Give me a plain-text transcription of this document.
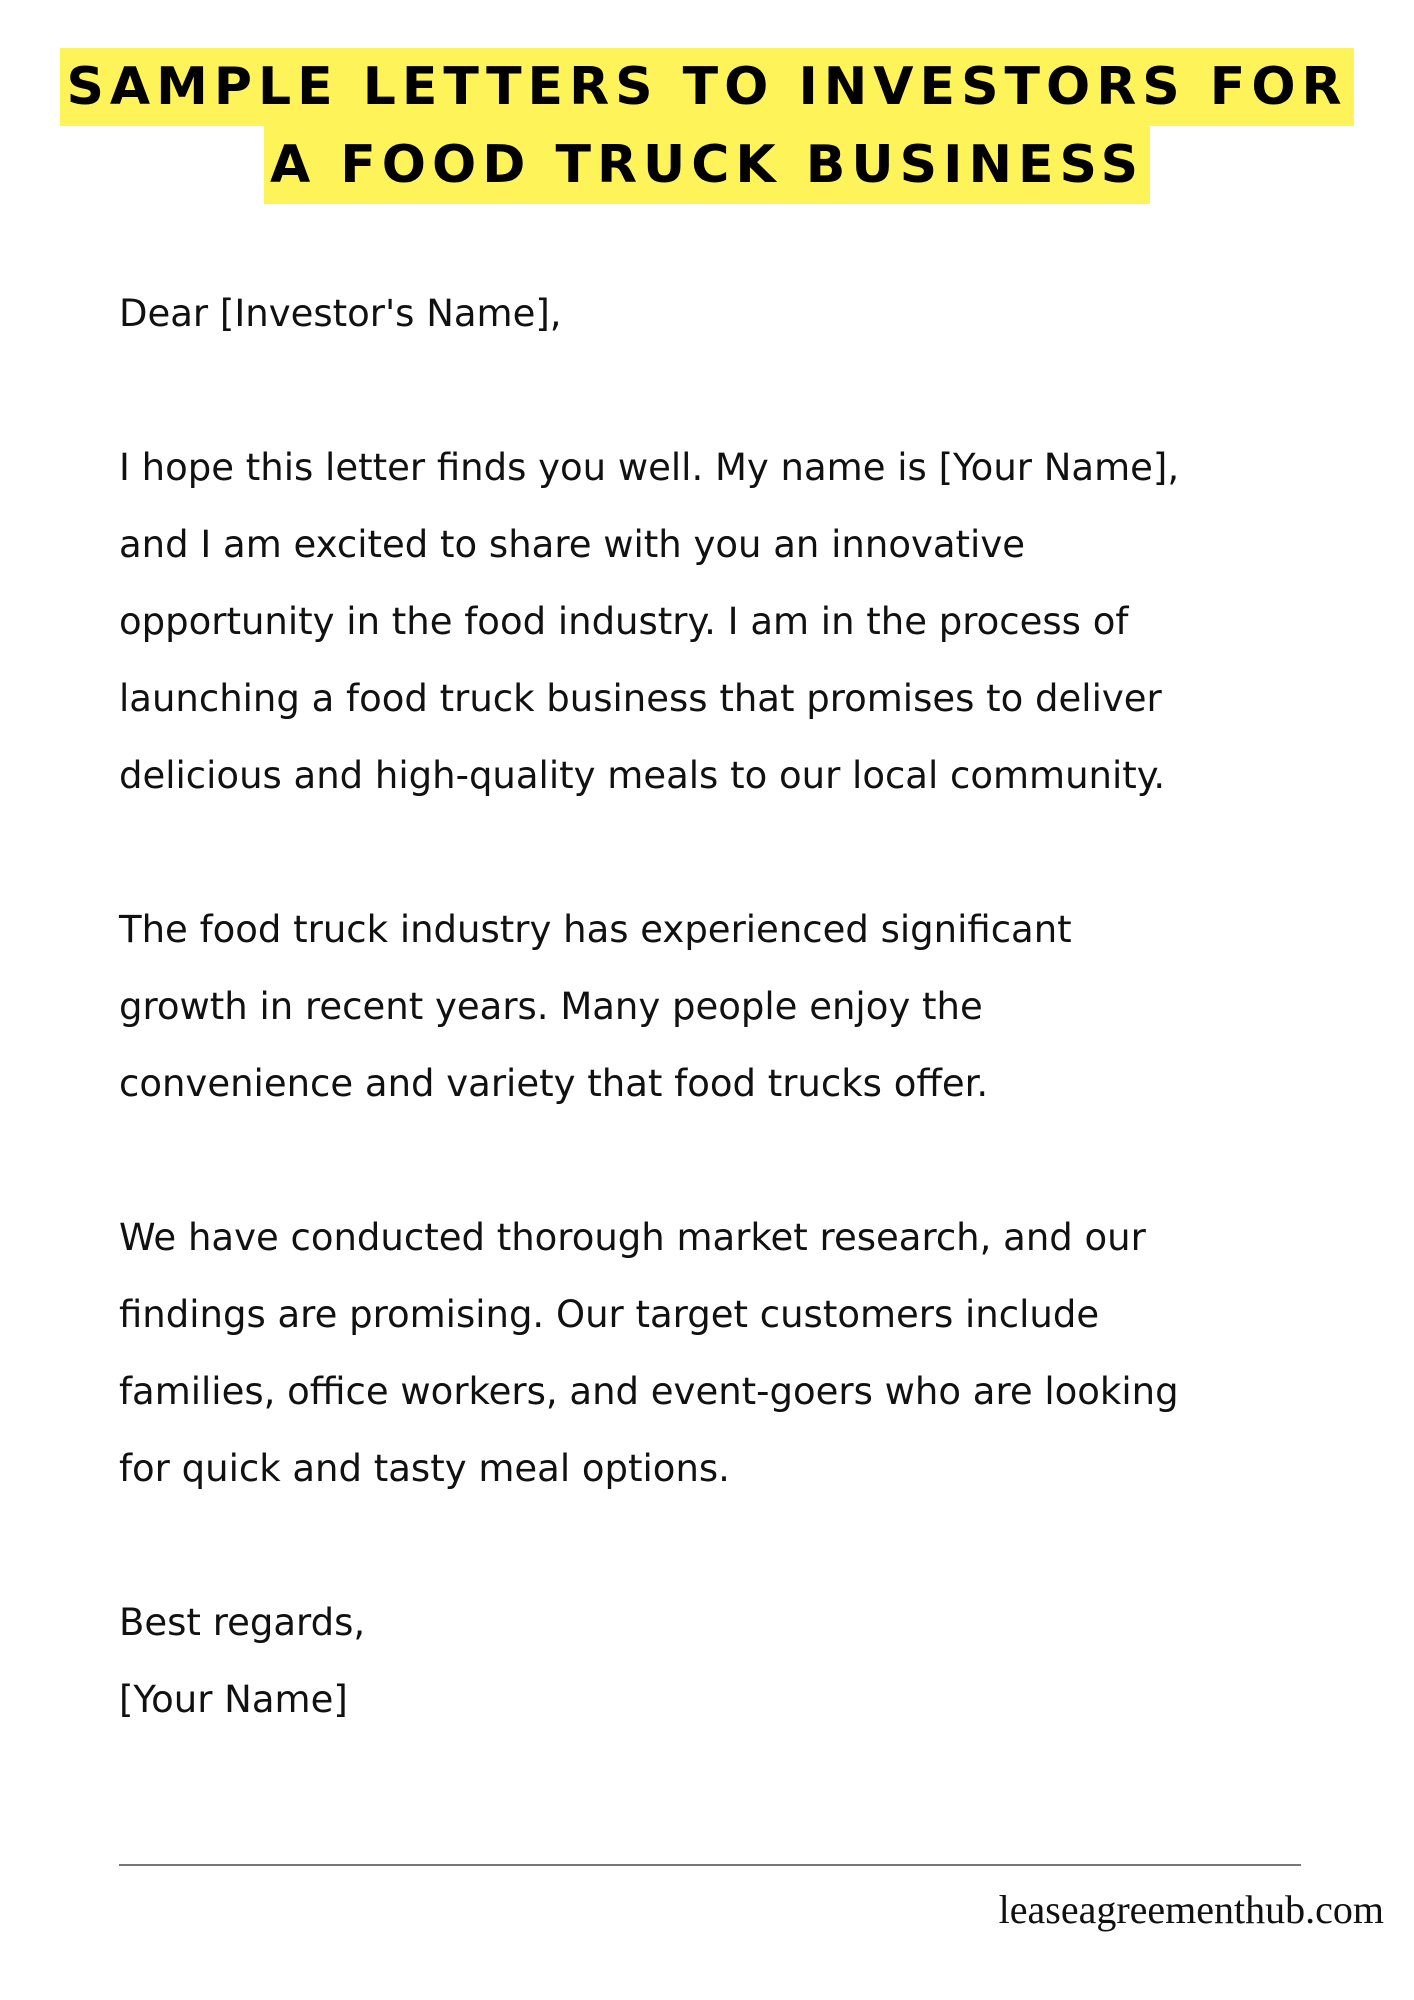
SAMPLE LETTERS TO INVESTORS FOR
A FOOD TRUCK BUSINESS

Dear [Investor's Name],

I hope this letter finds you well. My name is [Your Name],

and I am excited to share with you an innovative

opportunity in the food industry. I am in the process of

launching a food truck business that promises to deliver

delicious and high-quality meals to our local community.

The food truck industry has experienced significant

growth in recent years. Many people enjoy the

convenience and variety that food trucks offer.

We have conducted thorough market research, and our

findings are promising. Our target customers include

families, office workers, and event-goers who are looking

for quick and tasty meal options.

Best regards,

[Your Name]

leaseagreementhub.com
